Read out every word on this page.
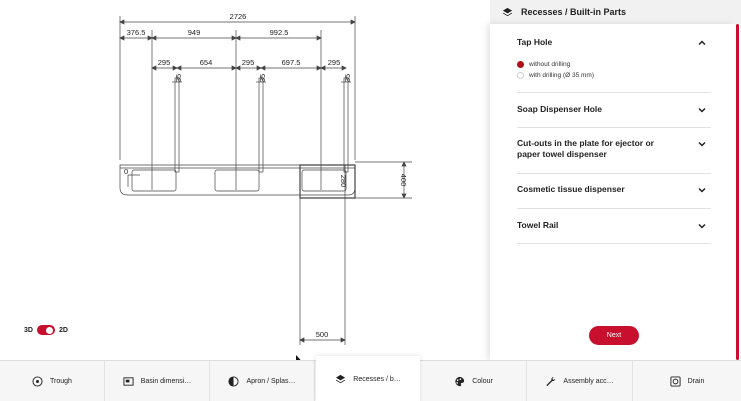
2726
376.5	949	992.5
295	654	295	697.5	295
35	35	35
0
280	400
500
3D	2D
Recesses / Built-in Parts
Tap Hole
without drilling
with drilling (Ø 35 mm)
Soap Dispenser Hole
Cut-outs in the plate for ejector or paper towel dispenser
Cosmetic tissue dispenser
Towel Rail
Next
Trough	Basin dimensi…	Apron / Splas…	Recesses / b…	Colour	Assembly acc…	Drain
